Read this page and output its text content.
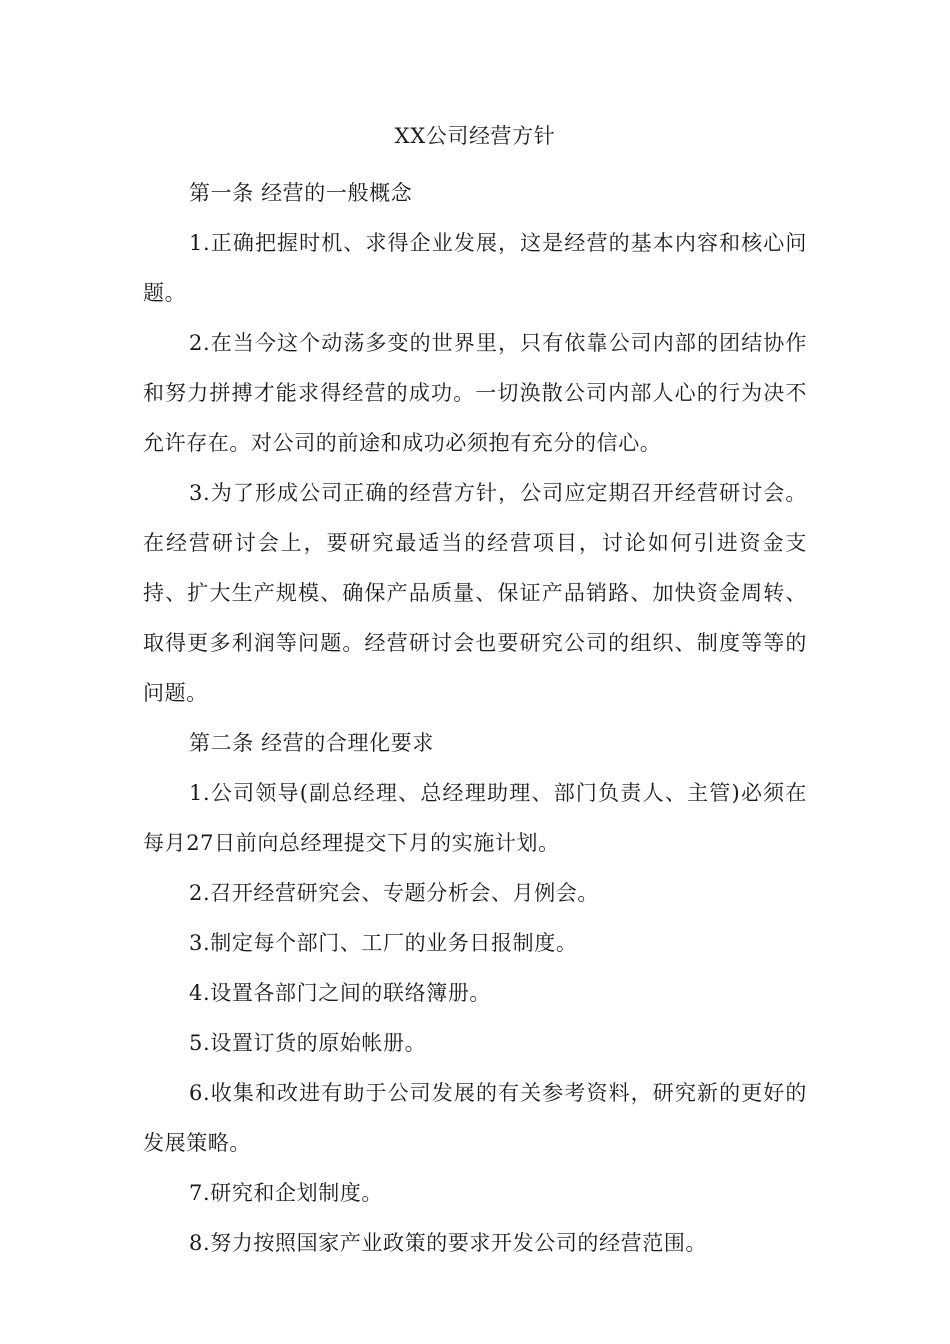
XX公司经营方针

第一条 经营的一般概念

1.正确把握时机、求得企业发展，这是经营的基本内容和核心问题。

2.在当今这个动荡多变的世界里，只有依靠公司内部的团结协作和努力拼搏才能求得经营的成功。一切涣散公司内部人心的行为决不允许存在。对公司的前途和成功必须抱有充分的信心。

3.为了形成公司正确的经营方针，公司应定期召开经营研讨会。在经营研讨会上，要研究最适当的经营项目，讨论如何引进资金支持、扩大生产规模、确保产品质量、保证产品销路、加快资金周转、取得更多利润等问题。经营研讨会也要研究公司的组织、制度等等的问题。

第二条 经营的合理化要求

1.公司领导(副总经理、总经理助理、部门负责人、主管)必须在每月27日前向总经理提交下月的实施计划。

2.召开经营研究会、专题分析会、月例会。

3.制定每个部门、工厂的业务日报制度。

4.设置各部门之间的联络簿册。

5.设置订货的原始帐册。

6.收集和改进有助于公司发展的有关参考资料，研究新的更好的发展策略。

7.研究和企划制度。

8.努力按照国家产业政策的要求开发公司的经营范围。
